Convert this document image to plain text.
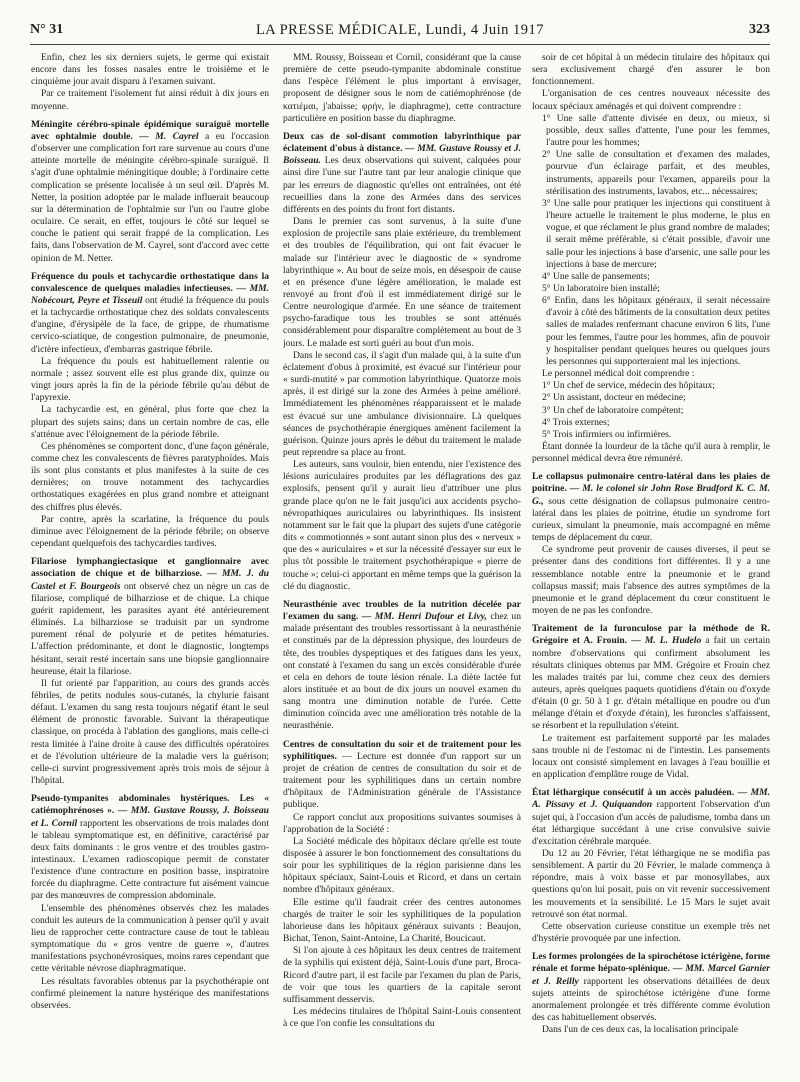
N° 31	LA PRESSE MÉDICALE, Lundi, 4 Juin 1917	323

Enfin, chez les six derniers sujets, le germe qui existait encore dans les fosses nasales entre le troisième et le cinquième jour avait disparu à l'examen suivant.

Par ce traitement l'isolement fut ainsi réduit à dix jours en moyenne.

Méningite cérébro-spinale épidémique suraiguë mortelle avec ophtalmie double. — M. Cayrel a eu l'occasion d'observer une complication fort rare survenue au cours d'une atteinte mortelle de méningite cérébro-spinale suraiguë. Il s'agit d'une ophtalmie méningitique double; à l'ordinaire cette complication se présente localisée à un seul œil. D'après M. Netter, la position adoptée par le malade influerait beaucoup sur la détermination de l'ophtalmie sur l'un ou l'autre globe oculaire. Ce serait, en effet, toujours le côté sur lequel se couche le patient qui serait frappé de la complication. Les faits, dans l'observation de M. Cayrel, sont d'accord avec cette opinion de M. Netter.

Fréquence du pouls et tachycardie orthostatique dans la convalescence de quelques maladies infectieuses. — MM. Nobécourt, Peyre et Tisseuil ont étudié la fréquence du pouls et la tachycardie orthostatique chez des soldats convalescents d'angine, d'érysipèle de la face, de grippe, de rhumatisme cervico-sciatique, de congestion pulmonaire, de pneumonie, d'ictère infectieux, d'embarras gastrique fébrile.

La fréquence du pouls est habituellement ralentie ou normale ; assez souvent elle est plus grande dix, quinze ou vingt jours après la fin de la période fébrile qu'au début de l'apyrexie.

La tachycardie est, en général, plus forte que chez la plupart des sujets sains; dans un certain nombre de cas, elle s'atténue avec l'éloignement de la période fébrile.

Ces phénomènes se comportent donc, d'une façon générale, comme chez les convalescents de fièvres paratyphoïdes. Mais ils sont plus constants et plus manifestes à la suite de ces dernières; on trouve notamment des tachycardies orthostatiques exagérées en plus grand nombre et atteignant des chiffres plus élevés.

Par contre, après la scarlatine, la fréquence du pouls diminue avec l'éloignement de la période fébrile; on observe cependant quelquefois des tachycardies tardives.

Filariose lymphangiectasique et ganglionnaire avec association de chique et de bilharziose. — MM. J. du Castel et F. Bourgeois ont observé chez un nègre un cas de filariose, compliqué de bilharziose et de chique. La chique guérit rapidement, les parasites ayant été antérieurement éliminés. La bilharziose se traduisit par un syndrome purement rénal de polyurie et de petites hématuries. L'affection prédominante, et dont le diagnostic, longtemps hésitant, serait resté incertain sans une biopsie ganglionnaire heureuse, était la filariose.

Il fut orienté par l'apparition, au cours des grands accès fébriles, de petits nodules sous-cutanés, la chylurie faisant défaut. L'examen du sang resta toujours négatif étant le seul élément de pronostic favorable. Suivant la thérapeutique classique, on procéda à l'ablation des ganglions, mais celle-ci resta limitée à l'aine droite à cause des difficultés opératoires et de l'évolution ultérieure de la maladie vers la guérison; celle-ci survint progressivement après trois mois de séjour à l'hôpital.

Pseudo-tympanites abdominales hystériques. Les « catiémophrénoses ». — MM. Gustave Roussy, J. Boisseau et L. Cornil rapportent les observations de trois malades dont le tableau symptomatique est, en définitive, caractérisé par deux faits dominants : le gros ventre et des troubles gastro-intestinaux. L'examen radioscopique permit de constater l'existence d'une contracture en position basse, inspiratoire forcée du diaphragme. Cette contracture fut aisément vaincue par des manœuvres de compression abdominale.

L'ensemble des phénomènes observés chez les malades conduit les auteurs de la communication à penser qu'il y avait lieu de rapprocher cette contracture cause de tout le tableau symptomatique du « gros ventre de guerre », d'autres manifestations psychonévrosiques, moins rares cependant que cette véritable névrose diaphragmatique.

Les résultats favorables obtenus par la psychothérapie ont confirmé pleinement la nature hystérique des manifestations observées.

MM. Roussy, Boisseau et Cornil, considérant que la cause première de cette pseudo-tympanite abdominale constitue dans l'espèce l'élément le plus important à envisager, proposent de désigner sous le nom de catiémophrénose (de κατιέμαι, j'abaisse; φρήν, le diaphragme), cette contracture particulière en position basse du diaphragme.

Deux cas de sol-disant commotion labyrinthique par éclatement d'obus à distance. — MM. Gustave Roussy et J. Boisseau. Les deux observations qui suivent, calquées pour ainsi dire l'une sur l'autre tant par leur analogie clinique que par les erreurs de diagnostic qu'elles ont entraînées, ont été recueillies dans la zone des Armées dans des services différents en des points du front fort distants.

Dans le premier cas sont survenus, à la suite d'une explosion de projectile sans plaie extérieure, du tremblement et des troubles de l'équilibration, qui ont fait évacuer le malade sur l'intérieur avec le diagnostic de « syndrome labyrinthique ». Au bout de seize mois, en désespoir de cause et en présence d'une légère amélioration, le malade est renvoyé au front d'où il est immédiatement dirigé sur le Centre neurologique d'armée. En une séance de traitement psycho-faradique tous les troubles se sont atténués considérablement pour disparaître complètement au bout de 3 jours. Le malade est sorti guéri au bout d'un mois.

Dans le second cas, il s'agit d'un malade qui, à la suite d'un éclatement d'obus à proximité, est évacué sur l'intérieur pour « surdi-mutité » par commotion labyrinthique. Quatorze mois après, il est dirigé sur la zone des Armées à peine amélioré. Immédiatement les phénomènes réapparaissent et le malade est évacué sur une ambulance divisionnaire. Là quelques séances de psychothérapie énergiques amènent facilement la guérison. Quinze jours après le début du traitement le malade peut reprendre sa place au front.

Les auteurs, sans vouloir, bien entendu, nier l'existence des lésions auriculaires produites par les déflagrations des gaz explosifs, pensent qu'il y aurait lieu d'attribuer une plus grande place qu'on ne le fait jusqu'ici aux accidents psycho-névropathiques auriculaires ou labyrinthiques. Ils insistent notamment sur le fait que la plupart des sujets d'une catégorie dits « commotionnés » sont autant sinon plus des « nerveux » que des « auriculaires » et sur la nécessité d'essayer sur eux le plus tôt possible le traitement psychothérapique « pierre de touche »; celui-ci apportant en même temps que la guérison la clé du diagnostic.

Neurasthénie avec troubles de la nutrition décelée par l'examen du sang. — MM. Henri Dufour et Livy, chez un malade présentant des troubles ressortissant à la neurasthénie et constitués par de la dépression physique, des lourdeurs de tête, des troubles dyspeptiques et des fatigues dans les yeux, ont constaté à l'examen du sang un excès considérable d'urée et cela en dehors de toute lésion rénale. La diète lactée fut alors instituée et au bout de dix jours un nouvel examen du sang montra une diminution notable de l'urée. Cette diminution coïncida avec une amélioration très notable de la neurasthénie.

Centres de consultation du soir et de traitement pour les syphilitiques. — Lecture est donnée d'un rapport sur un projet de création de centres de consultation du soir et de traitement pour les syphilitiques dans un certain nombre d'hôpitaux de l'Administration générale de l'Assistance publique.

Ce rapport conclut aux propositions suivantes soumises à l'approbation de la Société :

La Société médicale des hôpitaux déclare qu'elle est toute disposée à assurer le bon fonctionnement des consultations du soir pour les syphilitiques de la région parisienne dans les hôpitaux spéciaux, Saint-Louis et Ricord, et dans un certain nombre d'hôpitaux généraux.

Elle estime qu'il faudrait créer des centres autonomes chargés de traiter le soir les syphilitiques de la population laborieuse dans les hôpitaux généraux suivants : Beaujon, Bichat, Tenon, Saint-Antoine, La Charité, Boucicaut.

Si l'on ajoute à ces hôpitaux les deux centres de traitement de la syphilis qui existent déjà, Saint-Louis d'une part, Broca-Ricord d'autre part, il est facile par l'examen du plan de Paris, de voir que tous les quartiers de la capitale seront suffisamment desservis.

Les médecins titulaires de l'hôpital Saint-Louis consentent à ce que l'on confie les consultations du

soir de cet hôpital à un médecin titulaire des hôpitaux qui sera exclusivement chargé d'en assurer le bon fonctionnement.

L'organisation de ces centres nouveaux nécessite des locaux spéciaux aménagés et qui doivent comprendre :

1° Une salle d'attente divisée en deux, ou mieux, si possible, deux salles d'attente, l'une pour les femmes, l'autre pour les hommes;

2° Une salle de consultation et d'examen des malades, pourvue d'un éclairage parfait, et des meubles, instruments, appareils pour l'examen, appareils pour la stérilisation des instruments, lavabos, etc... nécessaires;

3° Une salle pour pratiquer les injections qui constituent à l'heure actuelle le traitement le plus moderne, le plus en vogue, et que réclament le plus grand nombre de malades; il serait même préférable, si c'était possible, d'avoir une salle pour les injections à base d'arsenic, une salle pour les injections à base de mercure;

4° Une salle de pansements;

5° Un laboratoire bien installé;

6° Enfin, dans les hôpitaux généraux, il serait nécessaire d'avoir à côté des bâtiments de la consultation deux petites salles de malades renfermant chacune environ 6 lits, l'une pour les femmes, l'autre pour les hommes, afin de pouvoir y hospitaliser pendant quelques heures ou quelques jours les personnes qui supporteraient mal les injections.

Le personnel médical doit comprendre :

1° Un chef de service, médecin des hôpitaux;

2° Un assistant, docteur en médecine;

3° Un chef de laboratoire compétent;

4° Trois externes;

5° Trois infirmiers ou infirmières.

Étant donnée la lourdeur de la tâche qu'il aura à remplir, le personnel médical devra être rémunéré.

Le collapsus pulmonaire centro-latéral dans les plaies de poitrine. — M. le colonel sir John Rose Bradford K. C. M. G., sous cette désignation de collapsus pulmonaire centro-latéral dans les plaies de poitrine, étudie un syndrome fort curieux, simulant la pneumonie, mais accompagné en même temps de déplacement du cœur.

Ce syndrome peut provenir de causes diverses, il peut se présenter dans des conditions fort différentes. Il y a une ressemblance notable entre la pneumonie et le grand collapsus massif; mais l'absence des autres symptômes de la pneumonie et le grand déplacement du cœur constituent le moyen de ne pas les confondre.

Traitement de la furonculose par la méthode de R. Grégoire et A. Frouin. — M. L. Hudelo a fait un certain nombre d'observations qui confirment absolument les résultats cliniques obtenus par MM. Grégoire et Frouin chez les malades traités par lui, comme chez ceux des derniers auteurs, après quelques paquets quotidiens d'étain ou d'oxyde d'étain (0 gr. 50 à 1 gr. d'étain métallique en poudre ou d'un mélange d'étain et d'oxyde d'étain), les furoncles s'affaissent, se résorbent et la repullulation s'éteint.

Le traitement est parfaitement supporté par les malades sans trouble ni de l'estomac ni de l'intestin. Les pansements locaux ont consisté simplement en lavages à l'eau bouillie et en application d'emplâtre rouge de Vidal.

État léthargique consécutif à un accès paludéen. — MM. A. Pissavy et J. Quiquandon rapportent l'observation d'un sujet qui, à l'occasion d'un accès de paludisme, tomba dans un état léthargique succédant à une crise convulsive suivie d'excitation cérébrale marquée.

Du 12 au 20 Février, l'état léthargique ne se modifia pas sensiblement. A partir du 20 Février, le malade commença à répondre, mais à voix basse et par monosyllabes, aux questions qu'on lui posait, puis on vit revenir successivement les mouvements et la sensibilité. Le 15 Mars le sujet avait retrouvé son état normal.

Cette observation curieuse constitue un exemple très net d'hystérie provoquée par une infection.

Les formes prolongées de la spirochétose ictérigène, forme rénale et forme hépato-splénique. — MM. Marcel Garnier et J. Reilly rapportent les observations détaillées de deux sujets atteints de spirochétose ictérigène d'une forme anormalement prolongée et très différente comme évolution des cas habituellement observés.

Dans l'un de ces deux cas, la localisation principale
